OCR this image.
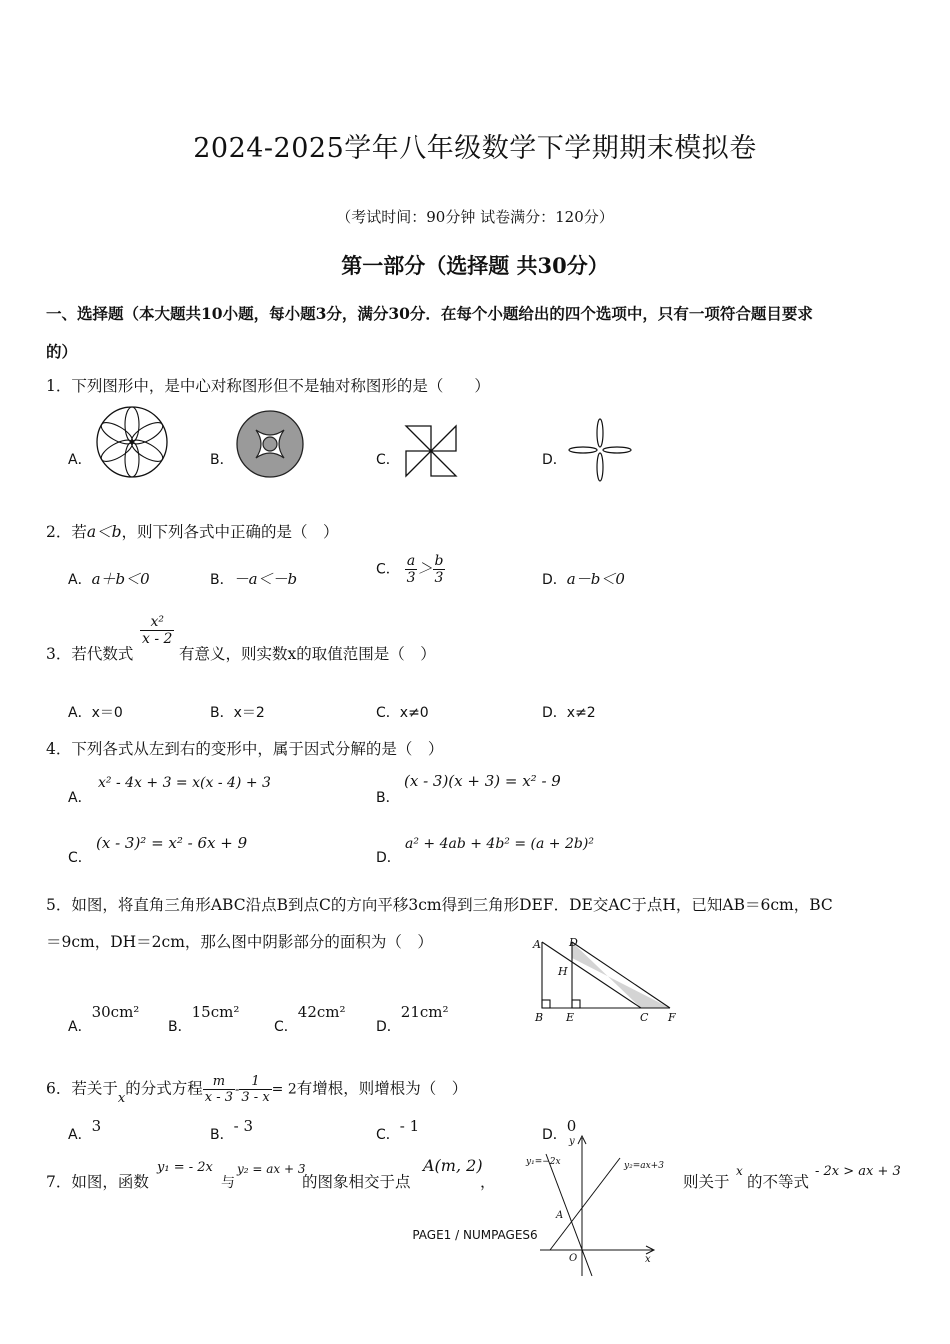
2024-2025学年八年级数学下学期期末模拟卷
（考试时间：90分钟 试卷满分：120分）
第一部分（选择题 共30分）
一、选择题（本大题共10小题，每小题3分，满分30分．在每个小题给出的四个选项中，只有一项符合题目要求
的）
1．下列图形中，是中心对称图形但不是轴对称图形的是（　　）
A．	B．	C．	D．
2．若a＜b，则下列各式中正确的是（　）
A．a＋b＜0	B．－a＜－b
C． $\frac{a}{3} > \frac{b}{3}$	D．a－b＜0
3．若代数式
$\frac{\text{x²}}{x - 2}$
有意义，则实数x的取值范围是（　）
A．x＝0	B．x＝2	C．x≠0	D．x≠2
4．下列各式从左到右的变形中，属于因式分解的是（　）
A．
x² - 4x + 3 = x(x - 4) + 3
B．
(x - 3)(x + 3) = x² - 9
C．
(x - 3)² = x² - 6x + 9
D．
a² + 4ab + 4b² = (a + 2b)²
5．如图，将直角三角形ABC沿点B到点C的方向平移3cm得到三角形DEF．DE交AC于点H，已知AB＝6cm，BC
＝9cm，DH＝2cm，那么图中阴影部分的面积为（　）	A	D
H
B E	C F
A．30cm²
B．15cm²
C．42cm²
D．21cm²
6．若关于$_x$的分式方程 $\frac{m}{x - 3} - \frac{1}{3 - x} = 2$有增根，则增根为（　）
A．3	B．- 3	C．- 1	D．0
7．如图，函数
y₁ = - 2x
与
y₂ = ax + 3
的图象相交于点
A(m, 2)
，	则关于
x
的不等式
- 2x > ax + 3
y
x
O
A
y₁=−2x	y₂=ax+3
PAGE1 / NUMPAGES6
